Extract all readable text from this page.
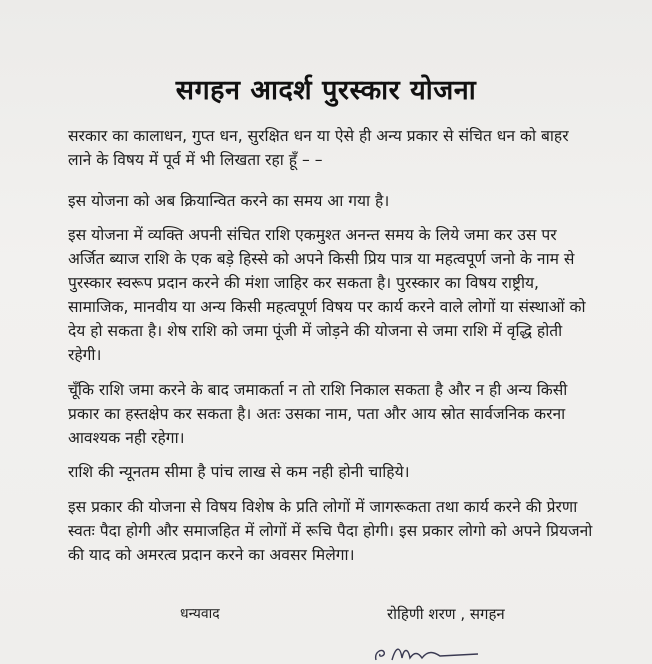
सगहन आदर्श पुरस्कार योजना

सरकार का कालाधन, गुप्त धन, सुरक्षित धन या ऐसे ही अन्य प्रकार से संचित धन को बाहर लाने के विषय में पूर्व में भी लिखता रहा हूँ – –

इस योजना को अब क्रियान्वित करने का समय आ गया है।

इस योजना में व्यक्ति अपनी संचित राशि एकमुश्त अनन्त समय के लिये जमा कर उस पर अर्जित ब्याज राशि के एक बड़े हिस्से को अपने किसी प्रिय पात्र या महत्वपूर्ण जनो के नाम से पुरस्कार स्वरूप प्रदान करने की मंशा जाहिर कर सकता है। पुरस्कार का विषय राष्ट्रीय, सामाजिक, मानवीय या अन्य किसी महत्वपूर्ण विषय पर कार्य करने वाले लोगों या संस्थाओं को देय हो सकता है। शेष राशि को जमा पूंजी में जोड़ने की योजना से जमा राशि में वृद्धि होती रहेगी।

चूँकि राशि जमा करने के बाद जमाकर्ता न तो राशि निकाल सकता है और न ही अन्य किसी प्रकार का हस्तक्षेप कर सकता है। अतः उसका नाम, पता और आय स्रोत सार्वजनिक करना आवश्यक नही रहेगा।

राशि की न्यूनतम सीमा है पांच लाख से कम नही होनी चाहिये।

इस प्रकार की योजना से विषय विशेष के प्रति लोगों में जागरूकता तथा कार्य करने की प्रेरणा स्वतः पैदा होगी और समाजहित में लोगों में रूचि पैदा होगी। इस प्रकार लोगो को अपने प्रियजनो की याद को अमरत्व प्रदान करने का अवसर मिलेगा।

धन्यवाद	रोहिणी शरण , सगहन
